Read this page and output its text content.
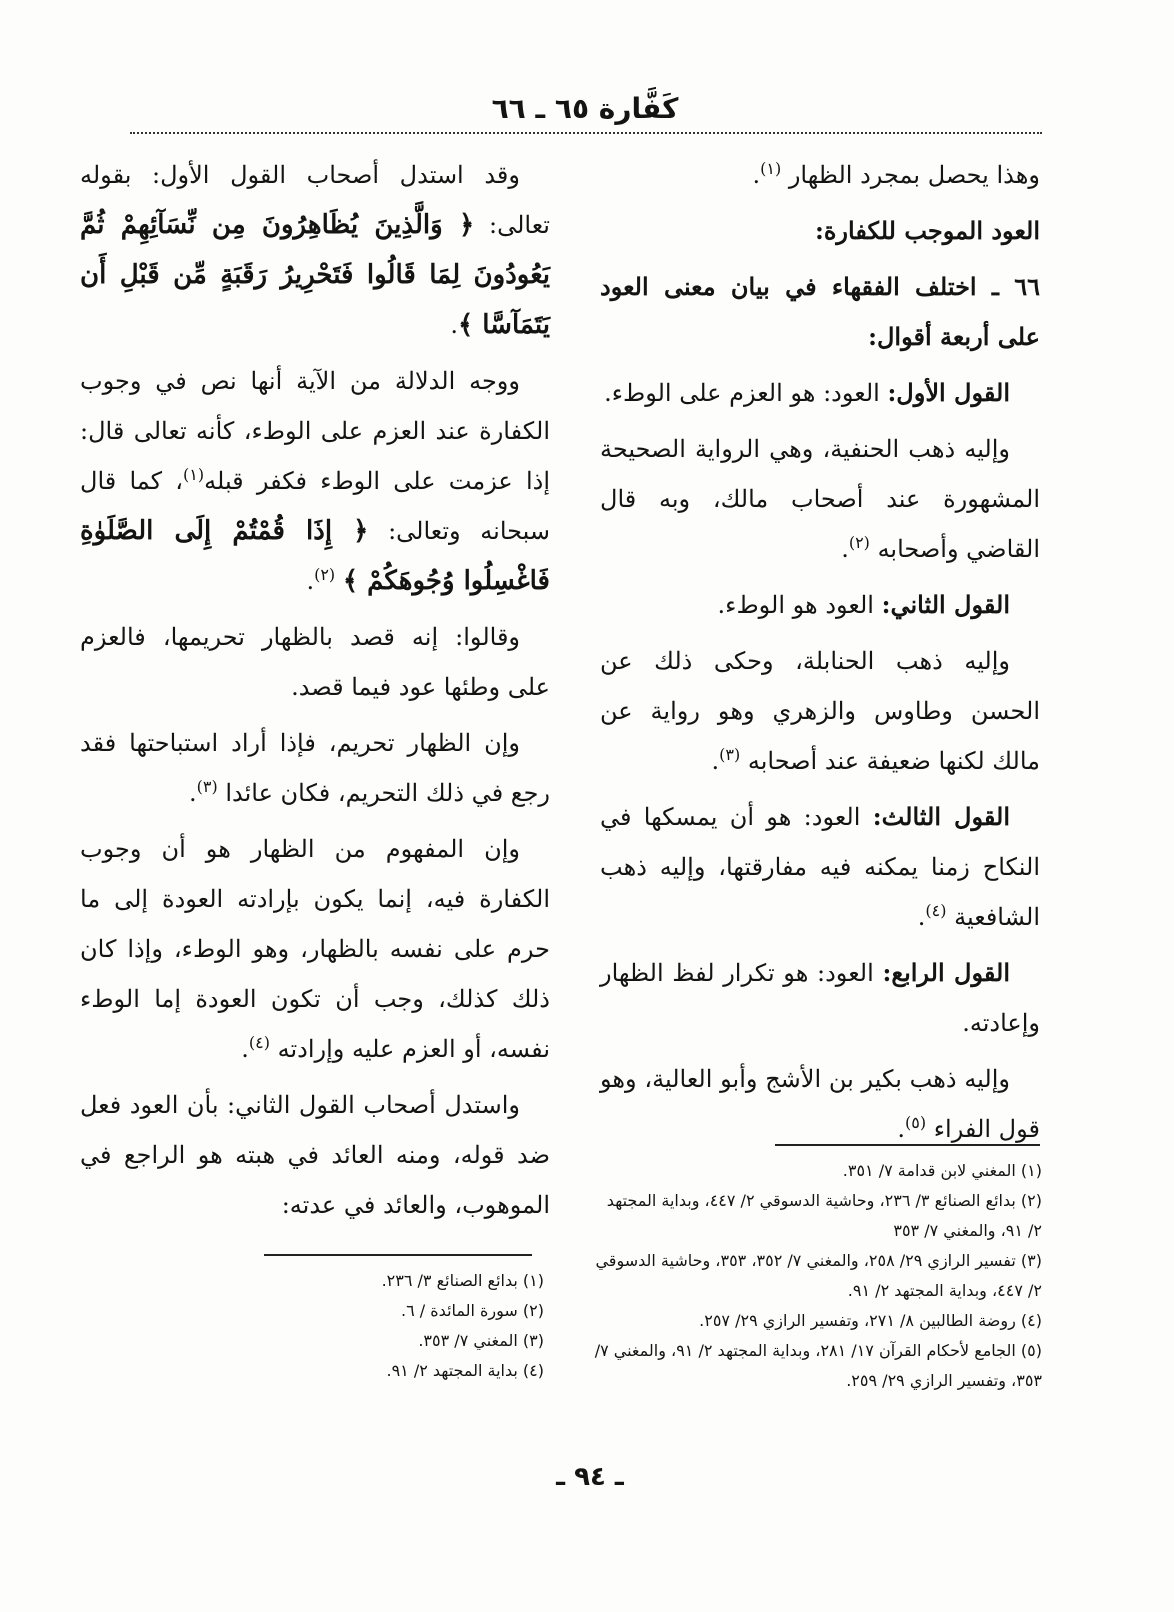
كَفَّارة ٦٥ ـ ٦٦

وهذا يحصل بمجرد الظهار $^{(١)}$.

العود الموجب للكفارة:

٦٦ ـ اختلف الفقهاء في بيان معنى العود على أربعة أقوال:

القول الأول: العود: هو العزم على الوطء.

وإليه ذهب الحنفية، وهي الرواية الصحيحة المشهورة عند أصحاب مالك، وبه قال القاضي وأصحابه $^{(٢)}$.

القول الثاني: العود هو الوطء.

وإليه ذهب الحنابلة، وحكى ذلك عن الحسن وطاوس والزهري وهو رواية عن مالك لكنها ضعيفة عند أصحابه $^{(٣)}$.

القول الثالث: العود: هو أن يمسكها في النكاح زمنا يمكنه فيه مفارقتها، وإليه ذهب الشافعية $^{(٤)}$.

القول الرابع: العود: هو تكرار لفظ الظهار وإعادته.

وإليه ذهب بكير بن الأشج وأبو العالية، وهو قول الفراء $^{(٥)}$.

وقد استدل أصحاب القول الأول: بقوله تعالى: ﴿ وَالَّذِينَ يُظَاهِرُونَ مِن نِّسَآئِهِمْ ثُمَّ يَعُودُونَ لِمَا قَالُوا فَتَحْرِيرُ رَقَبَةٍ مِّن قَبْلِ أَن يَتَمَآسَّا ﴾.

ووجه الدلالة من الآية أنها نص في وجوب الكفارة عند العزم على الوطء، كأنه تعالى قال: إذا عزمت على الوطء فكفر قبله$^{(١)}$، كما قال سبحانه وتعالى: ﴿ إِذَا قُمْتُمْ إِلَى الصَّلَوٰةِ فَاغْسِلُوا وُجُوهَكُمْ ﴾ $^{(٢)}$.

وقالوا: إنه قصد بالظهار تحريمها، فالعزم على وطئها عود فيما قصد.

وإن الظهار تحريم، فإذا أراد استباحتها فقد رجع في ذلك التحريم، فكان عائدا $^{(٣)}$.

وإن المفهوم من الظهار هو أن وجوب الكفارة فيه، إنما يكون بإرادته العودة إلى ما حرم على نفسه بالظهار، وهو الوطء، وإذا كان ذلك كذلك، وجب أن تكون العودة إما الوطء نفسه، أو العزم عليه وإرادته $^{(٤)}$.

واستدل أصحاب القول الثاني: بأن العود فعل ضد قوله، ومنه العائد في هبته هو الراجع في الموهوب، والعائد في عدته:

(١) المغني لابن قدامة ٧/ ٣٥١.
(٢) بدائع الصنائع ٣/ ٢٣٦، وحاشية الدسوقي ٢/ ٤٤٧، وبداية المجتهد ٢/ ٩١، والمغني ٧/ ٣٥٣
(٣) تفسير الرازي ٢٩/ ٢٥٨، والمغني ٧/ ٣٥٢، ٣٥٣، وحاشية الدسوقي ٢/ ٤٤٧، وبداية المجتهد ٢/ ٩١.
(٤) روضة الطالبين ٨/ ٢٧١، وتفسير الرازي ٢٩/ ٢٥٧.
(٥) الجامع لأحكام القرآن ١٧/ ٢٨١، وبداية المجتهد ٢/ ٩١، والمغني ٧/ ٣٥٣، وتفسير الرازي ٢٩/ ٢٥٩.
(١) بدائع الصنائع ٣/ ٢٣٦.
(٢) سورة المائدة / ٦.
(٣) المغني ٧/ ٣٥٣.
(٤) بداية المجتهد ٢/ ٩١.
ـ ٩٤ ـ
